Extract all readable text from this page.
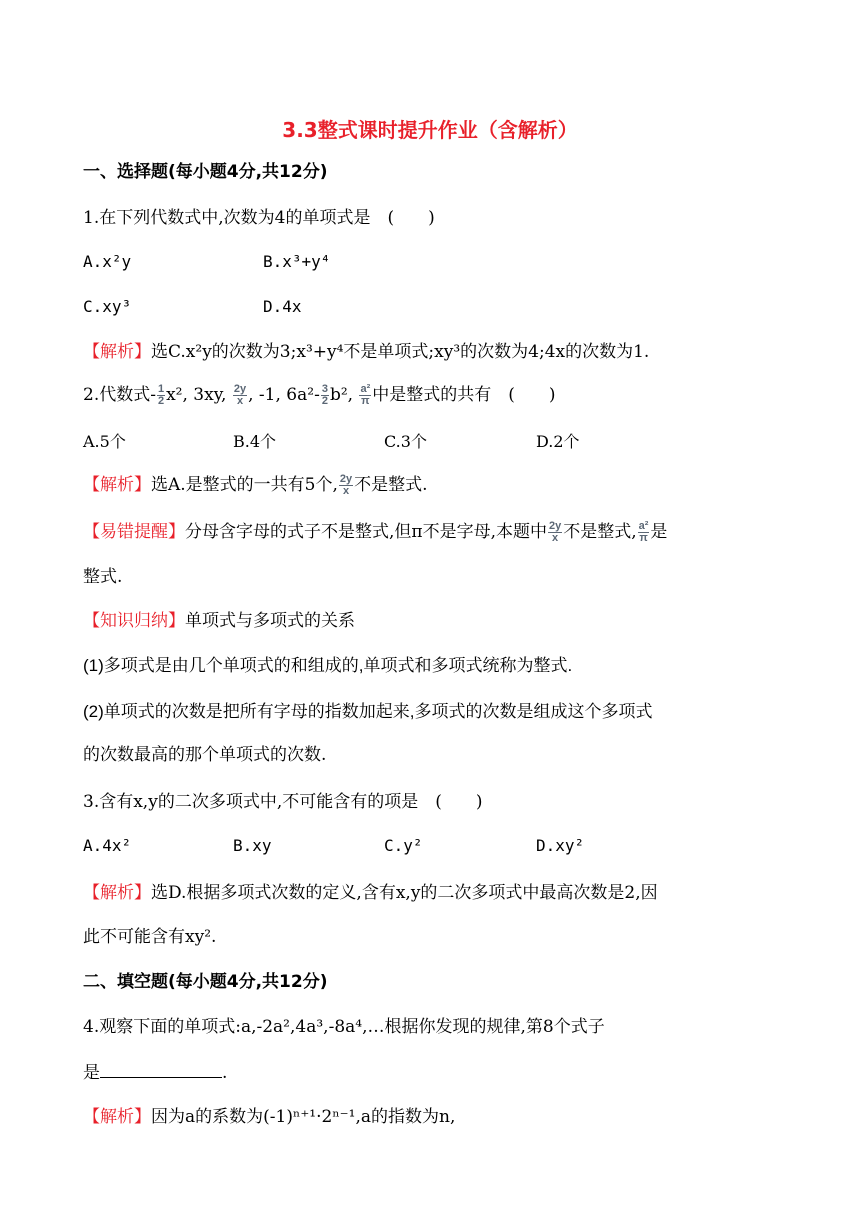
3.3整式课时提升作业（含解析）
一、选择题(每小题4分,共12分)
1.在下列代数式中,次数为4的单项式是　(　　)
A.x²y	B.x³+y⁴
C.xy³	D.4x
【解析】选C.x²y的次数为3;x³+y⁴不是单项式;xy³的次数为4;4x的次数为1.
2.代数式- $\frac{1}{2} x^2$, 3xy, $\frac{2y}{x}$ , -1, $6a^2- \frac{3}{2} b^2$, $\frac{\text{a²}}{\pi}$ 中是整式的共有　(　　)
A.5个	B.4个	C.3个	D.2个
【解析】选A.是整式的一共有5个, $\frac{2y}{x}$ 不是整式.
【易错提醒】分母含字母的式子不是整式,但π不是字母,本题中 $\frac{2y}{x}$ 不是整式, $\frac{\text{a²}}{\pi}$ 是
整式.
【知识归纳】单项式与多项式的关系
(1)多项式是由几个单项式的和组成的,单项式和多项式统称为整式.
(2)单项式的次数是把所有字母的指数加起来,多项式的次数是组成这个多项式
的次数最高的那个单项式的次数.
3.含有x,y的二次多项式中,不可能含有的项是　(　　)
A.4x²	B.xy	C.y²	D.xy²
【解析】选D.根据多项式次数的定义,含有x,y的二次多项式中最高次数是2,因
此不可能含有xy².
二、填空题(每小题4分,共12分)
4.观察下面的单项式:a,-2a²,4a³,-8a⁴,…根据你发现的规律,第8个式子
是	.
【解析】因为a的系数为(-1)ⁿ⁺¹·2ⁿ⁻¹,a的指数为n,
